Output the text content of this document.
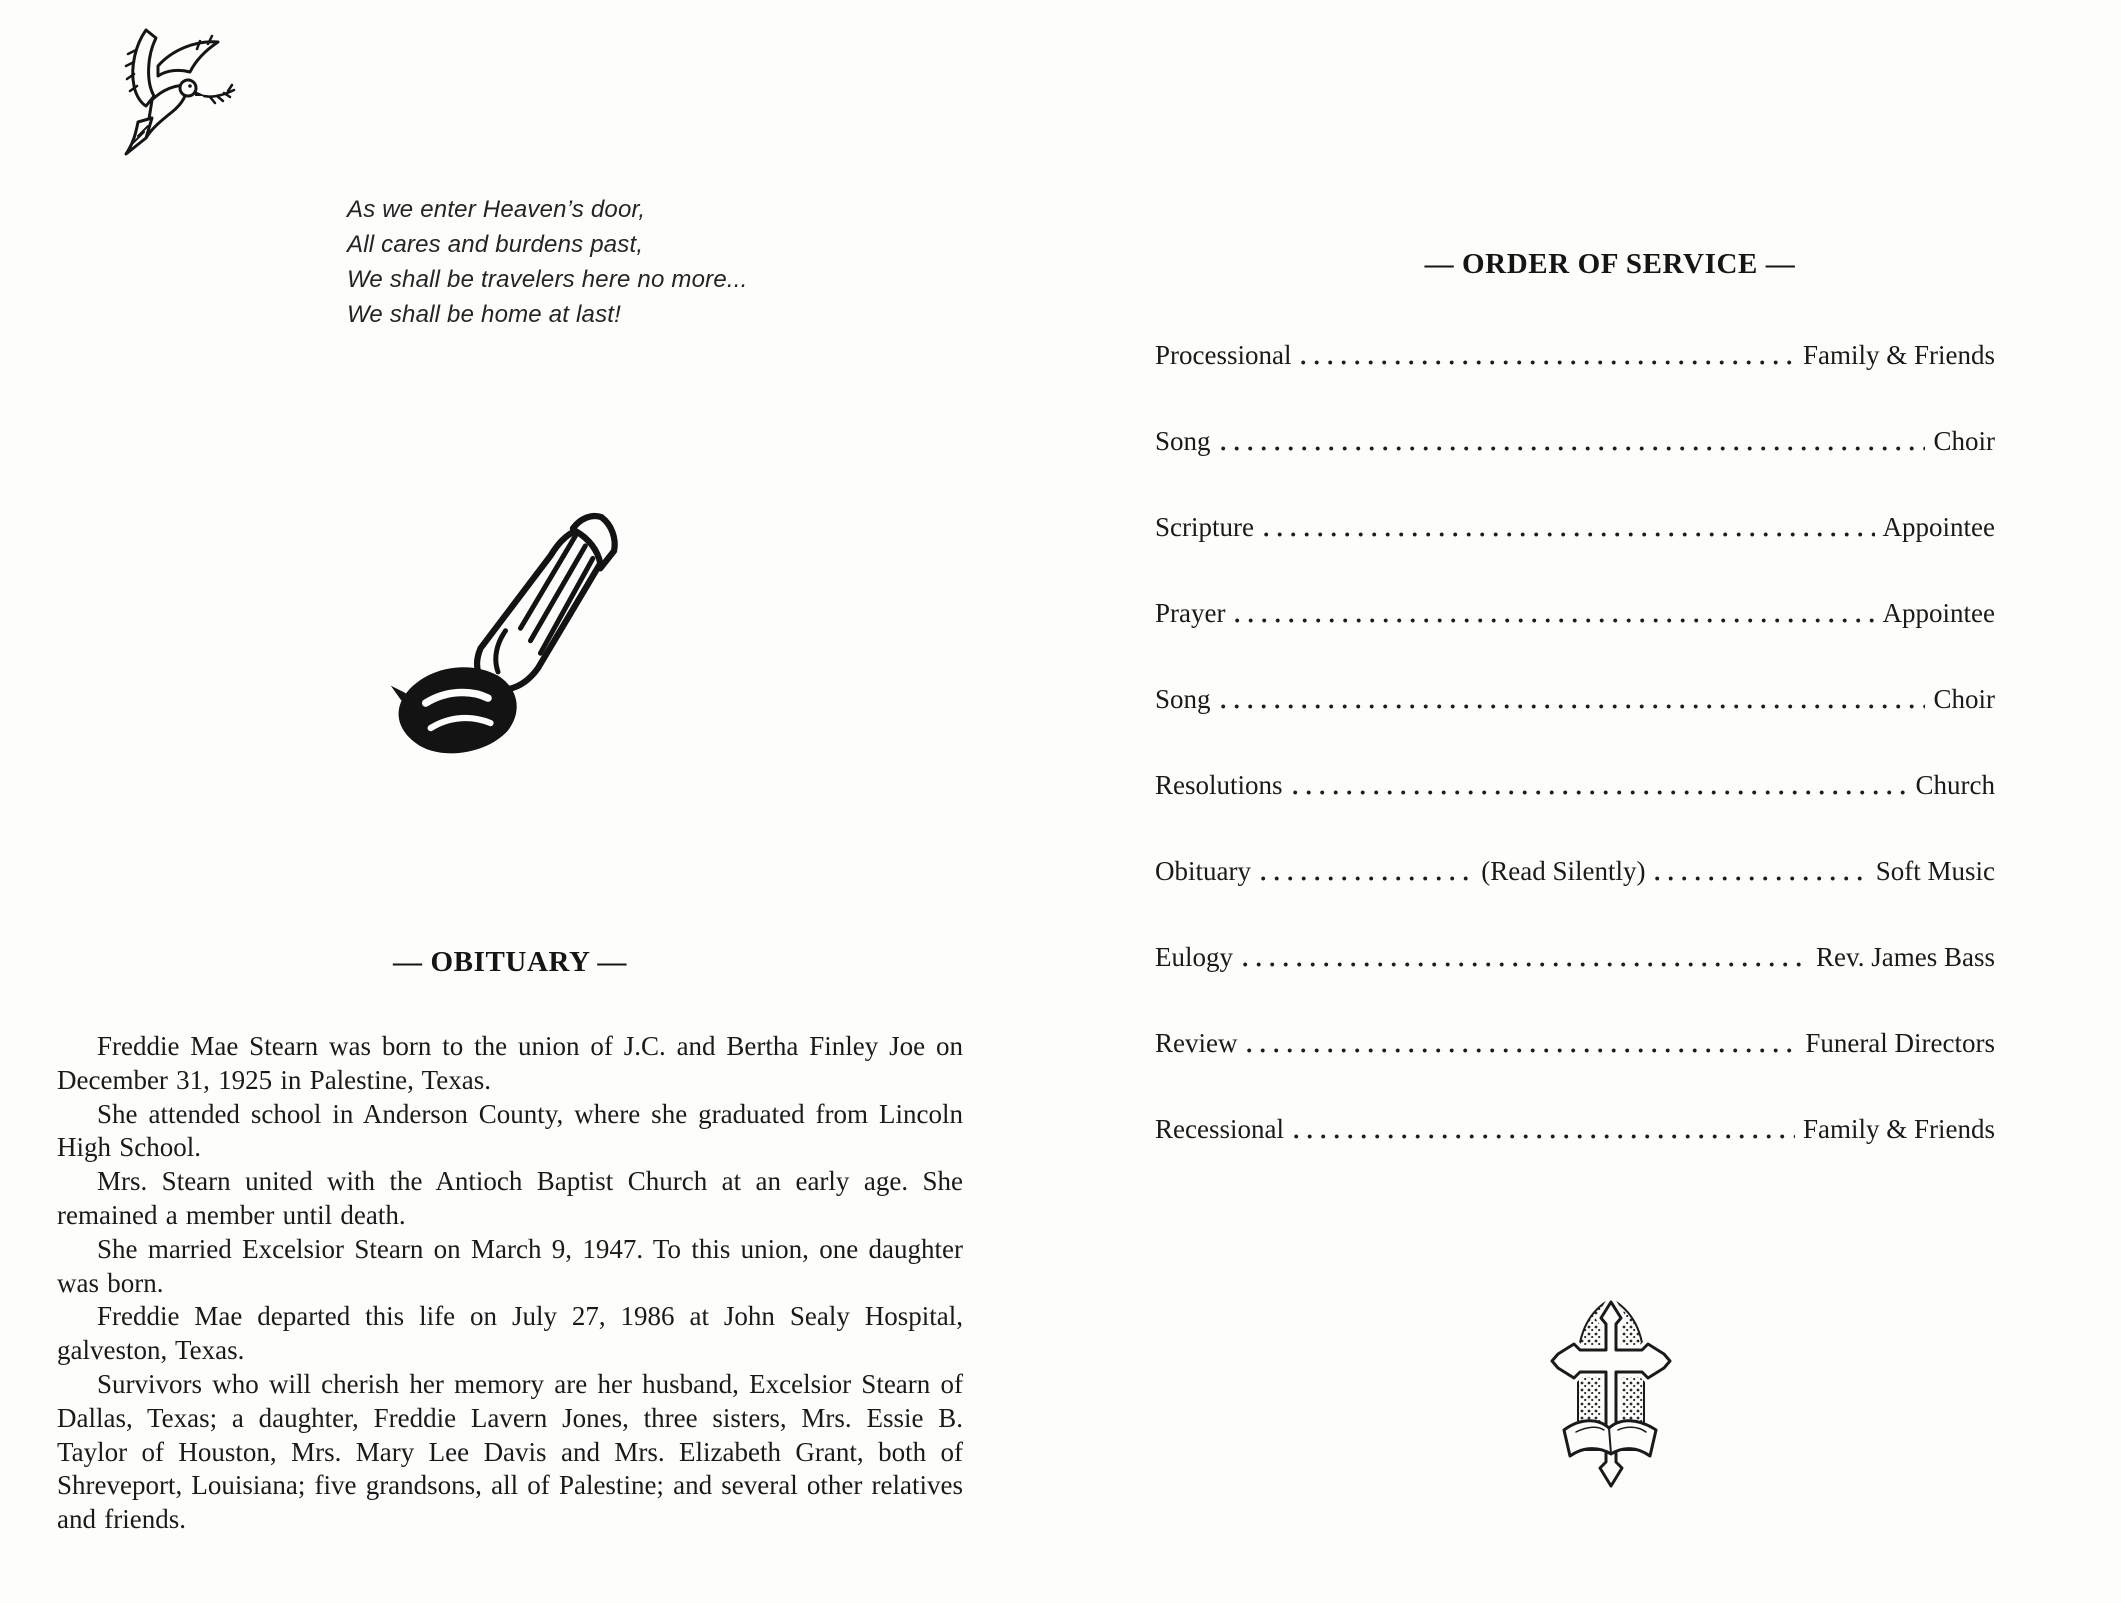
As we enter Heaven’s door,
All cares and burdens past,
We shall be travelers here no more...
We shall be home at last!
— OBITUARY —

Freddie Mae Stearn was born to the union of J.C. and Bertha Finley Joe on December 31, 1925 in Palestine, Texas.

She attended school in Anderson County, where she graduated from Lincoln High School.

Mrs. Stearn united with the Antioch Baptist Church at an early age. She remained a member until death.

She married Excelsior Stearn on March 9, 1947. To this union, one daughter was born.

Freddie Mae departed this life on July 27, 1986 at John Sealy Hospital, galveston, Texas.

Survivors who will cherish her memory are her husband, Excelsior Stearn of Dallas, Texas; a daughter, Freddie Lavern Jones, three sisters, Mrs. Essie B. Taylor of Houston, Mrs. Mary Lee Davis and Mrs. Elizabeth Grant, both of Shreveport, Louisiana; five grandsons, all of Palestine; and several other relatives and friends.

— ORDER OF SERVICE —
Processional	Family & Friends
Song	Choir
Scripture	Appointee
Prayer	Appointee
Song	Choir
Resolutions	Church
Obituary	(Read Silently)	Soft Music
Eulogy	Rev. James Bass
Review	Funeral Directors
Recessional	Family & Friends
